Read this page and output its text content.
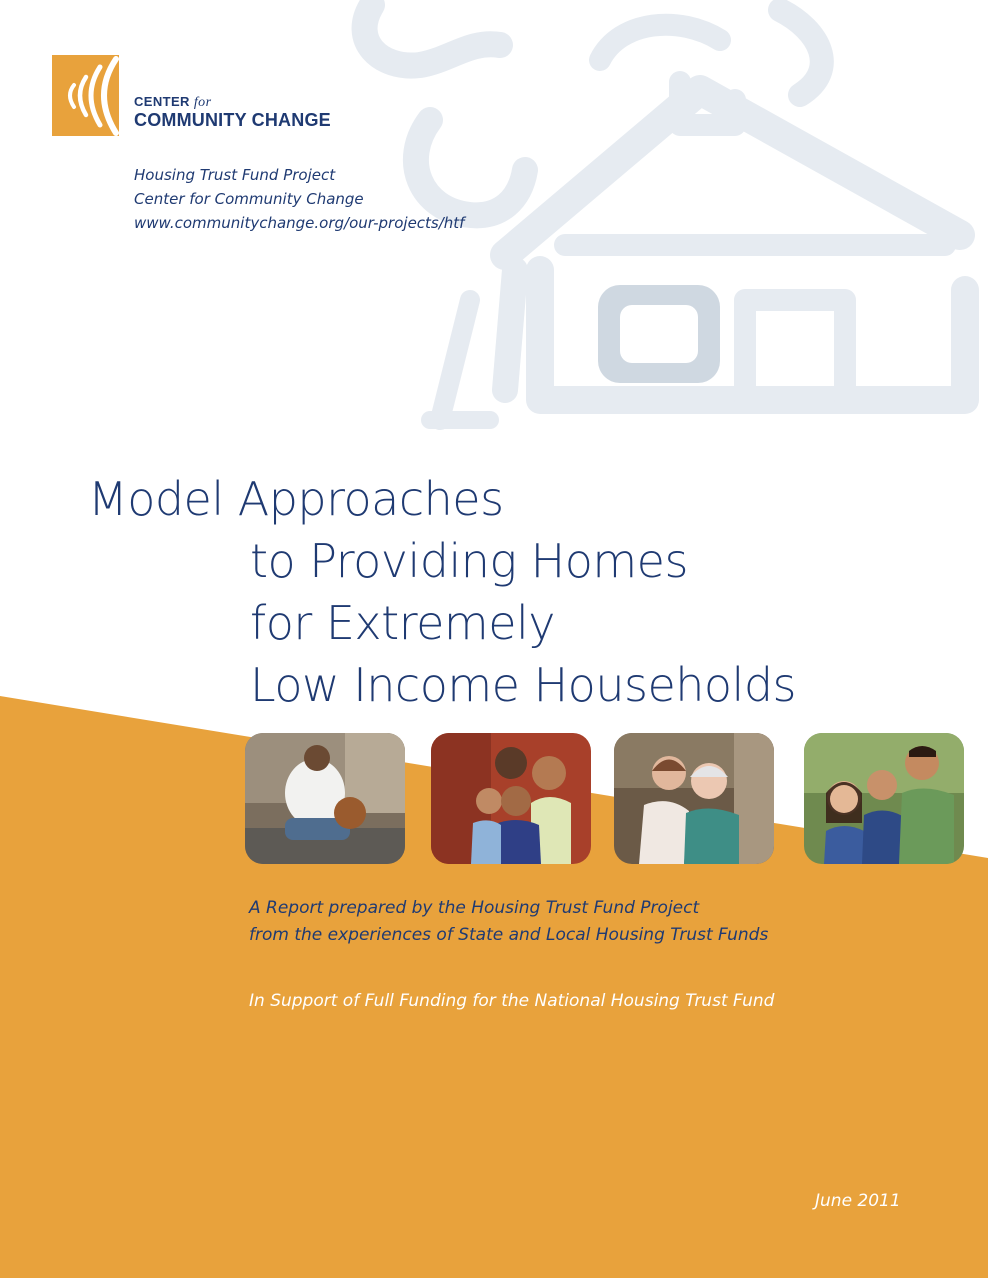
CENTER for
COMMUNITY CHANGE
Housing Trust Fund Project
Center for Community Change
www.communitychange.org/our-projects/htf
Model Approaches
to Providing Homes
for Extremely
Low Income Households
A Report prepared by the Housing Trust Fund Project
from the experiences of State and Local Housing Trust Funds
In Support of Full Funding for the National Housing Trust Fund
June 2011
